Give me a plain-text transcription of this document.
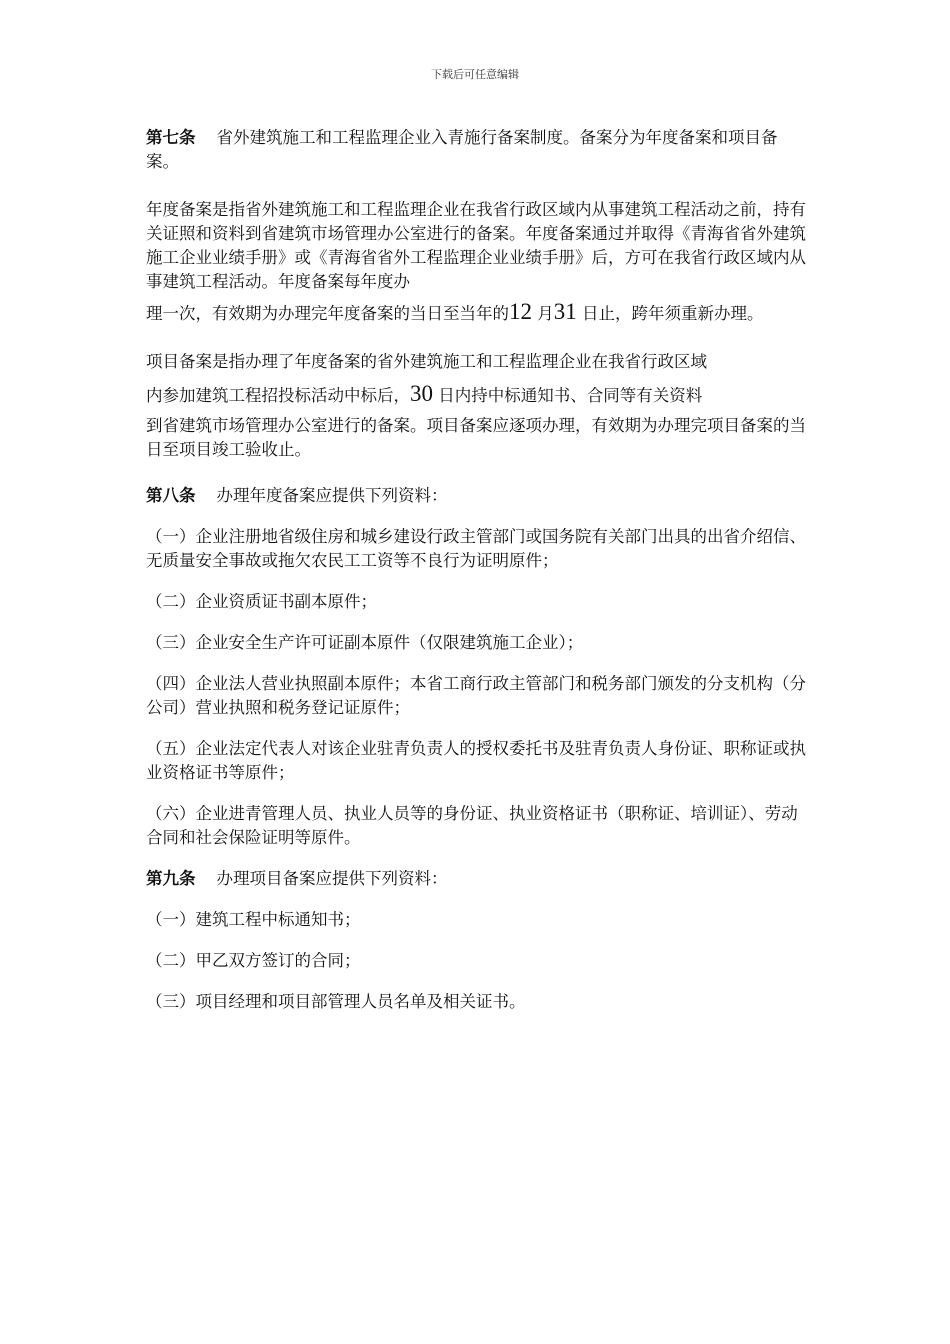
下载后可任意编辑

第七条 省外建筑施工和工程监理企业入青施行备案制度。备案分为年度备案和项目备案。

年度备案是指省外建筑施工和工程监理企业在我省行政区域内从事建筑工程活动之前，持有关证照和资料到省建筑市场管理办公室进行的备案。年度备案通过并取得《青海省省外建筑施工企业业绩手册》或《青海省省外工程监理企业业绩手册》后，方可在我省行政区域内从事建筑工程活动。年度备案每年度办

理一次，有效期为办理完年度备案的当日至当年的12 月31 日止，跨年须重新办理。

项目备案是指办理了年度备案的省外建筑施工和工程监理企业在我省行政区域

内参加建筑工程招投标活动中标后，30 日内持中标通知书、合同等有关资料

到省建筑市场管理办公室进行的备案。项目备案应逐项办理，有效期为办理完项目备案的当日至项目竣工验收止。

第八条 办理年度备案应提供下列资料：

（一）企业注册地省级住房和城乡建设行政主管部门或国务院有关部门出具的出省介绍信、无质量安全事故或拖欠农民工工资等不良行为证明原件；

（二）企业资质证书副本原件；

（三）企业安全生产许可证副本原件（仅限建筑施工企业）；

（四）企业法人营业执照副本原件；本省工商行政主管部门和税务部门颁发的分支机构（分公司）营业执照和税务登记证原件；

（五）企业法定代表人对该企业驻青负责人的授权委托书及驻青负责人身份证、职称证或执业资格证书等原件；

（六）企业进青管理人员、执业人员等的身份证、执业资格证书（职称证、培训证）、劳动合同和社会保险证明等原件。

第九条 办理项目备案应提供下列资料：

（一）建筑工程中标通知书；

（二）甲乙双方签订的合同；

（三）项目经理和项目部管理人员名单及相关证书。
